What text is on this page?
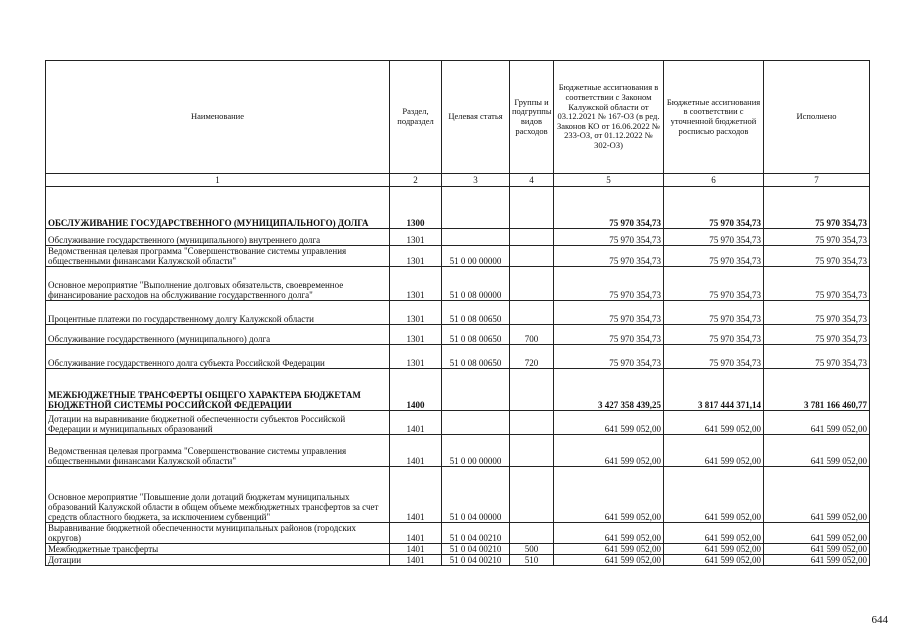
Наименование	Раздел, подраздел	Целевая статья	Группы и подгруппы видов расходов	Бюджетные ассигнования в соответствии с Законом Калужской области от 03.12.2021 № 167-ОЗ (в ред. Законов КО от 16.06.2022 № 233-ОЗ, от 01.12.2022 № 302-ОЗ)	Бюджетные ассигнования в соответствии с уточненной бюджетной росписью расходов	Исполнено
1	2	3	4	5	6	7
ОБСЛУЖИВАНИЕ ГОСУДАРСТВЕННОГО (МУНИЦИПАЛЬНОГО) ДОЛГА	1300			75 970 354,73	75 970 354,73	75 970 354,73
Обслуживание государственного (муниципального) внутреннего долга	1301			75 970 354,73	75 970 354,73	75 970 354,73
Ведомственная целевая программа "Совершенствование системы управления общественными финансами Калужской области"	1301	51 0 00 00000		75 970 354,73	75 970 354,73	75 970 354,73
Основное мероприятие "Выполнение долговых обязательств, своевременное финансирование расходов на обслуживание государственного долга"	1301	51 0 08 00000		75 970 354,73	75 970 354,73	75 970 354,73
Процентные платежи по государственному долгу Калужской области	1301	51 0 08 00650		75 970 354,73	75 970 354,73	75 970 354,73
Обслуживание государственного (муниципального) долга	1301	51 0 08 00650	700	75 970 354,73	75 970 354,73	75 970 354,73
Обслуживание государственного долга субъекта Российской Федерации	1301	51 0 08 00650	720	75 970 354,73	75 970 354,73	75 970 354,73
МЕЖБЮДЖЕТНЫЕ ТРАНСФЕРТЫ ОБЩЕГО ХАРАКТЕРА БЮДЖЕТАМ БЮДЖЕТНОЙ СИСТЕМЫ РОССИЙСКОЙ ФЕДЕРАЦИИ	1400			3 427 358 439,25	3 817 444 371,14	3 781 166 460,77
Дотации на выравнивание бюджетной обеспеченности субъектов Российской Федерации и муниципальных образований	1401			641 599 052,00	641 599 052,00	641 599 052,00
Ведомственная целевая программа "Совершенствование системы управления общественными финансами Калужской области"	1401	51 0 00 00000		641 599 052,00	641 599 052,00	641 599 052,00
Основное мероприятие "Повышение доли дотаций бюджетам муниципальных образований Калужской области в общем объеме межбюджетных трансфертов за счет средств областного бюджета, за исключением субвенций"	1401	51 0 04 00000		641 599 052,00	641 599 052,00	641 599 052,00
Выравнивание бюджетной обеспеченности муниципальных районов (городских округов)	1401	51 0 04 00210		641 599 052,00	641 599 052,00	641 599 052,00
Межбюджетные трансферты	1401	51 0 04 00210	500	641 599 052,00	641 599 052,00	641 599 052,00
Дотации	1401	51 0 04 00210	510	641 599 052,00	641 599 052,00	641 599 052,00
644
